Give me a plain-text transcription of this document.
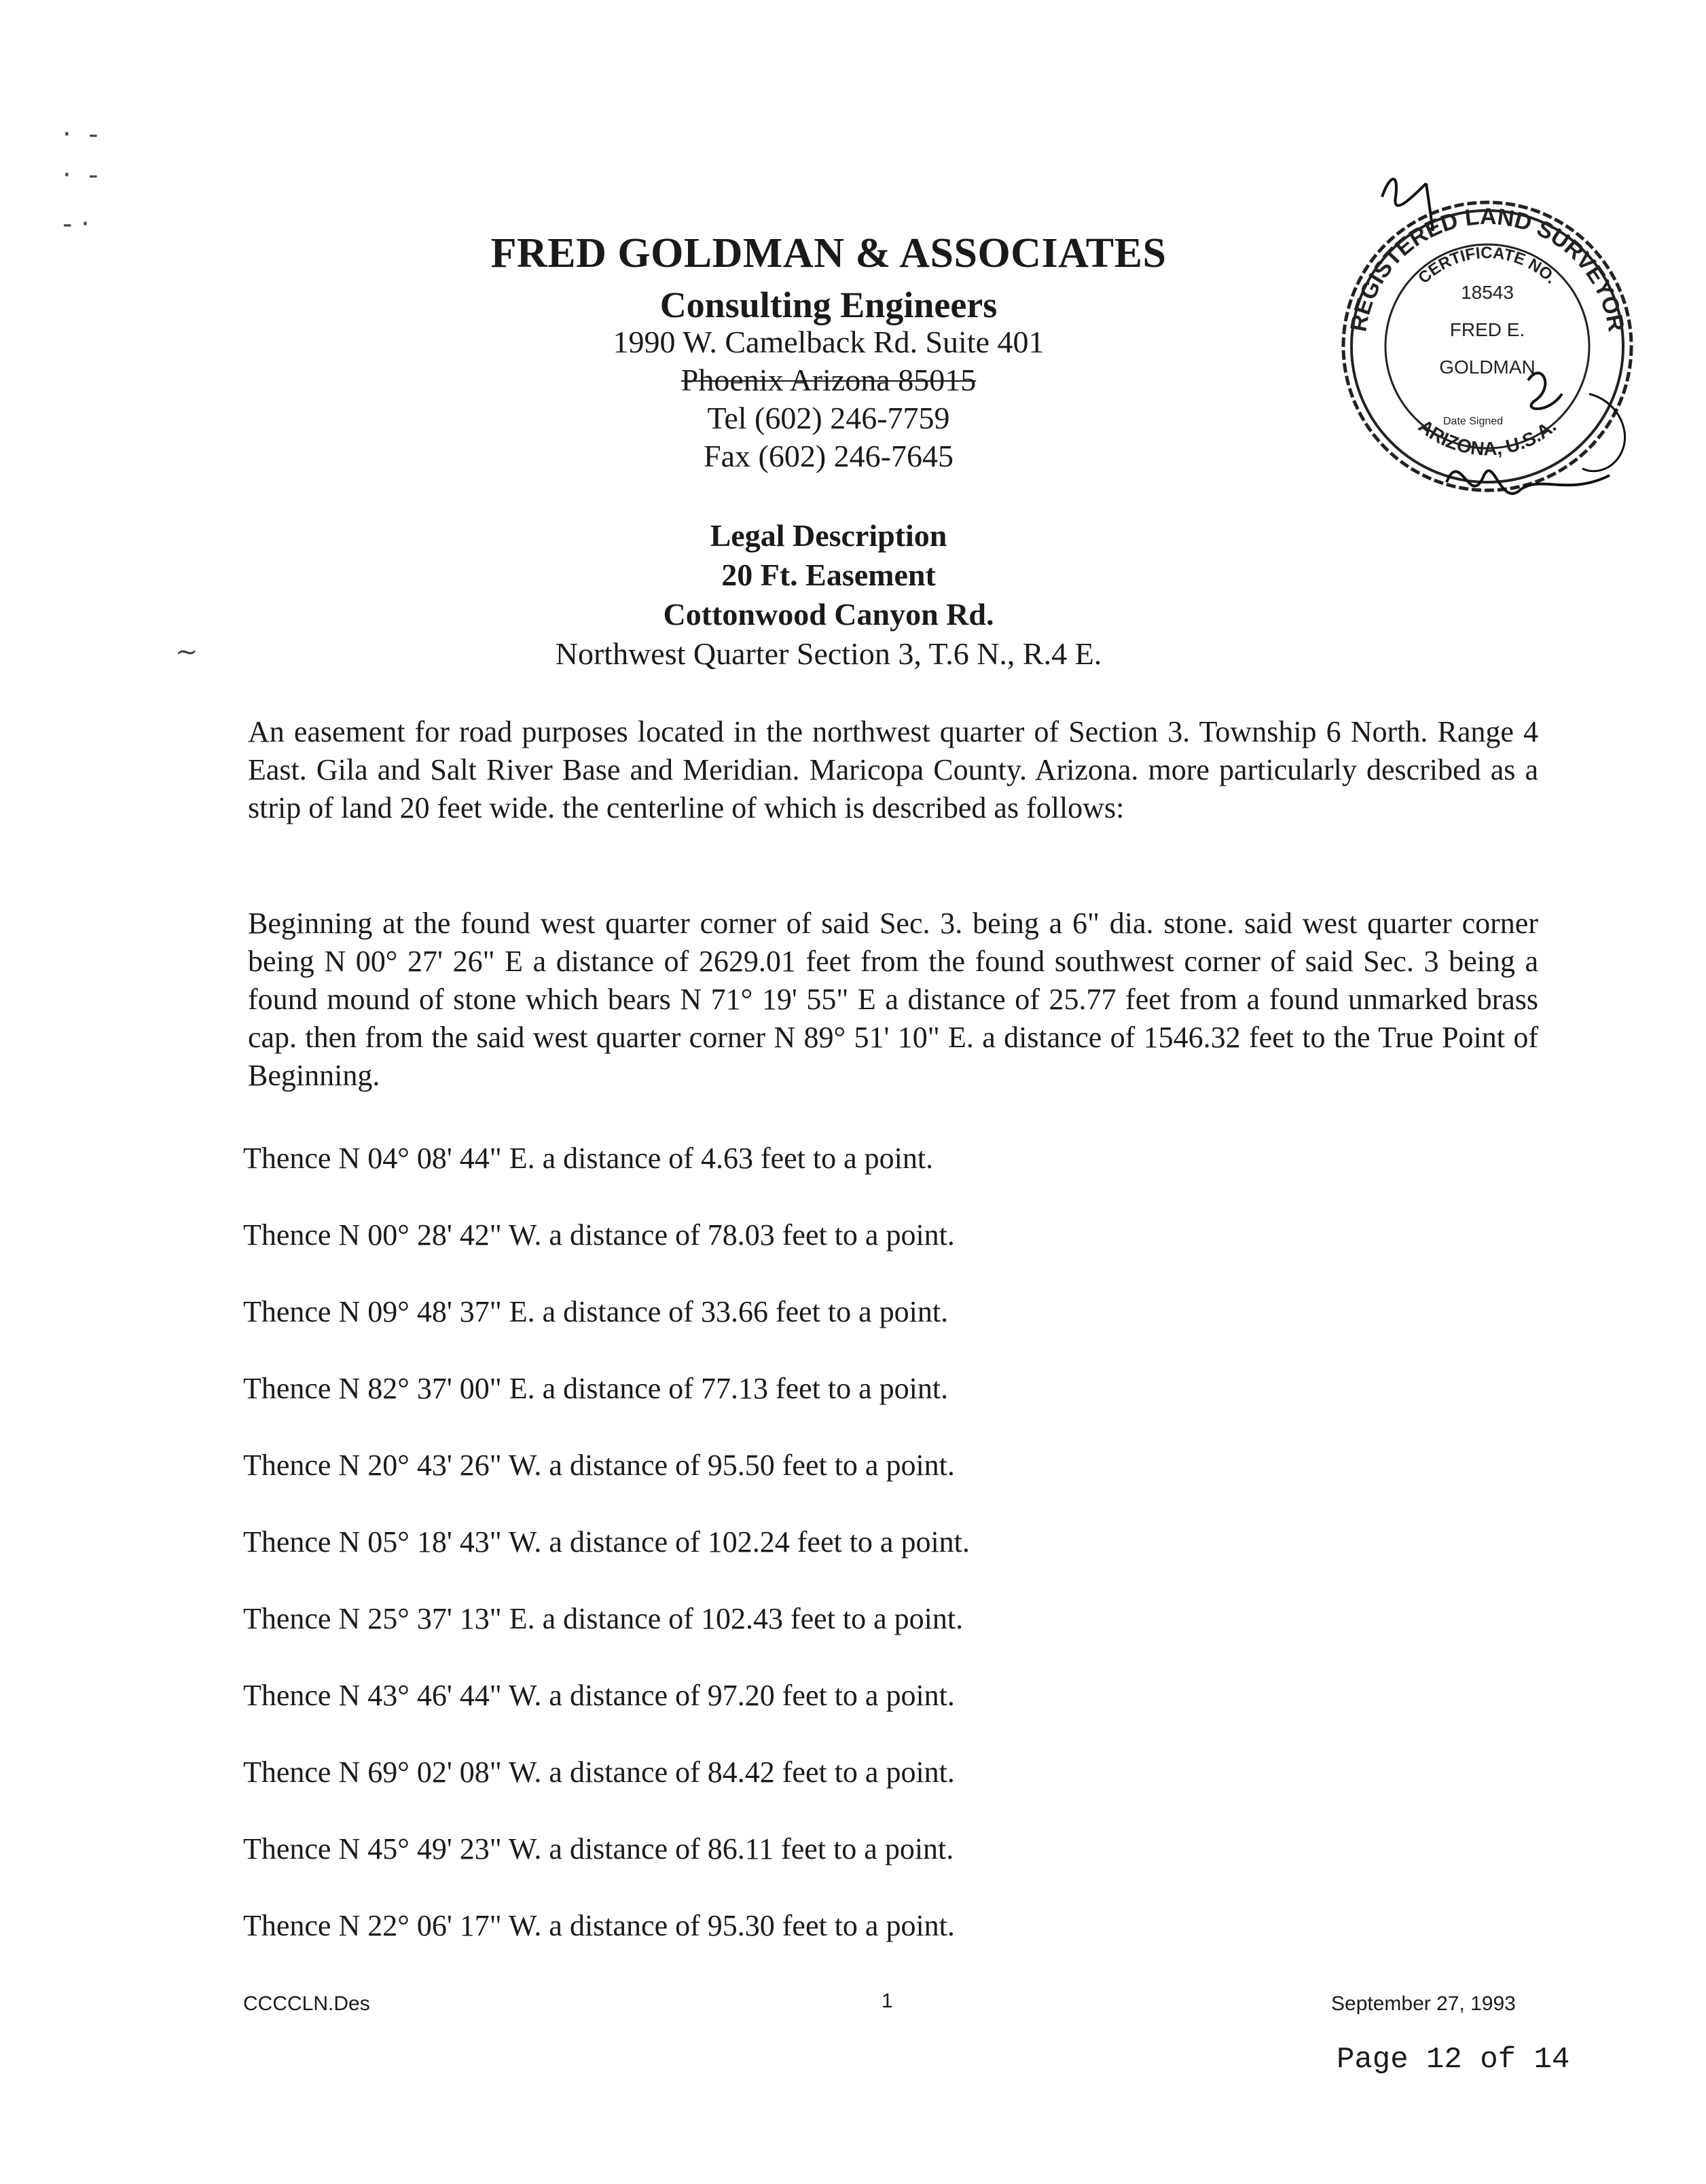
·  -
·  -
- ·
~
FRED GOLDMAN & ASSOCIATES
Consulting Engineers
1990 W. Camelback Rd. Suite 401
Phoenix Arizona 85015
Tel (602) 246-7759
Fax (602) 246-7645
REGISTERED LAND SURVEYOR
CERTIFICATE NO.
18543
FRED E.
GOLDMAN
Date Signed
ARIZONA, U.S.A.
Legal Description
20 Ft. Easement
Cottonwood Canyon Rd.
Northwest Quarter Section 3, T.6 N., R.4 E.
An easement for road purposes located in the northwest quarter of Section 3. Township 6 North. Range 4 East. Gila and Salt River Base and Meridian. Maricopa County. Arizona. more particularly described as a strip of land 20 feet wide. the centerline of which is described as follows:
Beginning at the found west quarter corner of said Sec. 3. being a 6" dia. stone. said west quarter corner being N 00° 27' 26" E a distance of 2629.01 feet from the found southwest corner of said Sec. 3 being a found mound of stone which bears N 71° 19' 55" E a distance of 25.77 feet from a found unmarked brass cap. then from the said west quarter corner N 89° 51' 10" E. a distance of 1546.32 feet to the True Point of Beginning.
Thence N 04° 08' 44" E. a distance of 4.63 feet to a point.
Thence N 00° 28' 42" W. a distance of 78.03 feet to a point.
Thence N 09° 48' 37" E. a distance of 33.66 feet to a point.
Thence N 82° 37' 00" E. a distance of 77.13 feet to a point.
Thence N 20° 43' 26" W. a distance of 95.50 feet to a point.
Thence N 05° 18' 43" W. a distance of 102.24 feet to a point.
Thence N 25° 37' 13" E. a distance of 102.43 feet to a point.
Thence N 43° 46' 44" W. a distance of 97.20 feet to a point.
Thence N 69° 02' 08" W. a distance of 84.42 feet to a point.
Thence N 45° 49' 23" W. a distance of 86.11 feet to a point.
Thence N 22° 06' 17" W. a distance of 95.30 feet to a point.
CCCCLN.Des	1	September 27, 1993
Page 12 of 14
